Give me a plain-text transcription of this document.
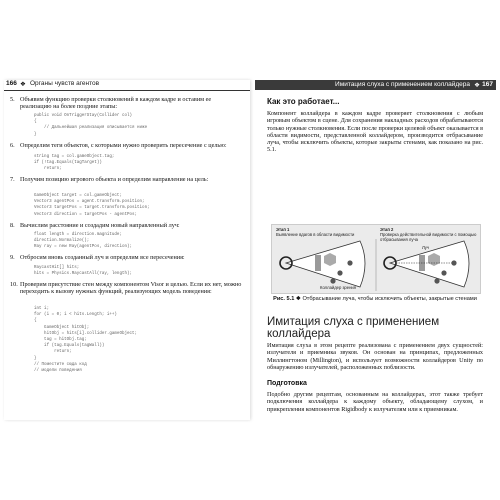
166 ❖ Органы чувств агентов
5. Объявим функцию проверки столкновений в каждом кадре и оставим ее реализацию на более поздние этапы:
public void OnTriggerStay(Collider col)
{
// Дальнейшая реализация описывается ниже
}
6. Определим теги объектов, с которыми нужно проверить пересечение с целью:
string tag = col.gameObject.tag;
if (!tag.Equals(tagTarget))
return;
7. Получим позицию игрового объекта и определим направление на цель:
GameObject target = col.gameObject;
Vector3 agentPos = agent.transform.position;
Vector3 targetPos = target.transform.position;
Vector3 direction = targetPos - agentPos;
8. Вычислим расстояние и создадим новый направленный луч:
float length = direction.magnitude;
direction.Normalize();
Ray ray = new Ray(agentPos, direction);
9. Отбросим вновь созданный луч и определим все пересечения:
RaycastHit[] hits;
hits = Physics.RaycastAll(ray, length);
10. Проверим присутствие стен между компонентом Visor и целью. Если их нет, можно переходить к вызову нужных функций, реализующих модель поведения:
int i;
for (i = 0; i < hits.Length; i++)
{
GameObject hitObj;
hitObj = hits[i].collider.gameObject;
tag = hitObj.tag;
if (tag.Equals(tagWall))
return;
}
// Поместите сюда код
// модели поведения
Имитация слуха с применением коллайдера ❖ 167
Как это работает...
Компонент коллайдера в каждом кадре проверяет столкновения с любым игровым объектом в сцене. Для сохранения накладных расходов обрабатываются только нужные столкновения. Если после проверки целевой объект оказывается в области видимости, представленной коллайдером, производится отбрасывание луча, чтобы исключить объекты, которые закрыты стенами, как показано на рис. 5.1.
Этап 1
Выявление вдагов в области видимости
Этап 2
Проверка действительной видимости с помощью отбрасывания луча
Коллайдер зрения
Луч
Рис. 5.1 ❖ Отбрасывание луча, чтобы исключить объекты, закрытые стенами
Имитация слуха с применением коллайдера
Имитация слуха в этом рецепте реализована с применением двух сущностей: излучателя и приемника звуков. Он основан на принципах, предложенных Миллингтоном (Millington), и использует возможности коллайдеров Unity по обнаружению излучателей, расположенных поблизости.
Подготовка
Подобно другим рецептам, основанным на коллайдерах, этот также требует подключения коллайдера к каждому объекту, обладающему слухом, и прикрепления компонентов Rigidbody к излучателям или к приемникам.
